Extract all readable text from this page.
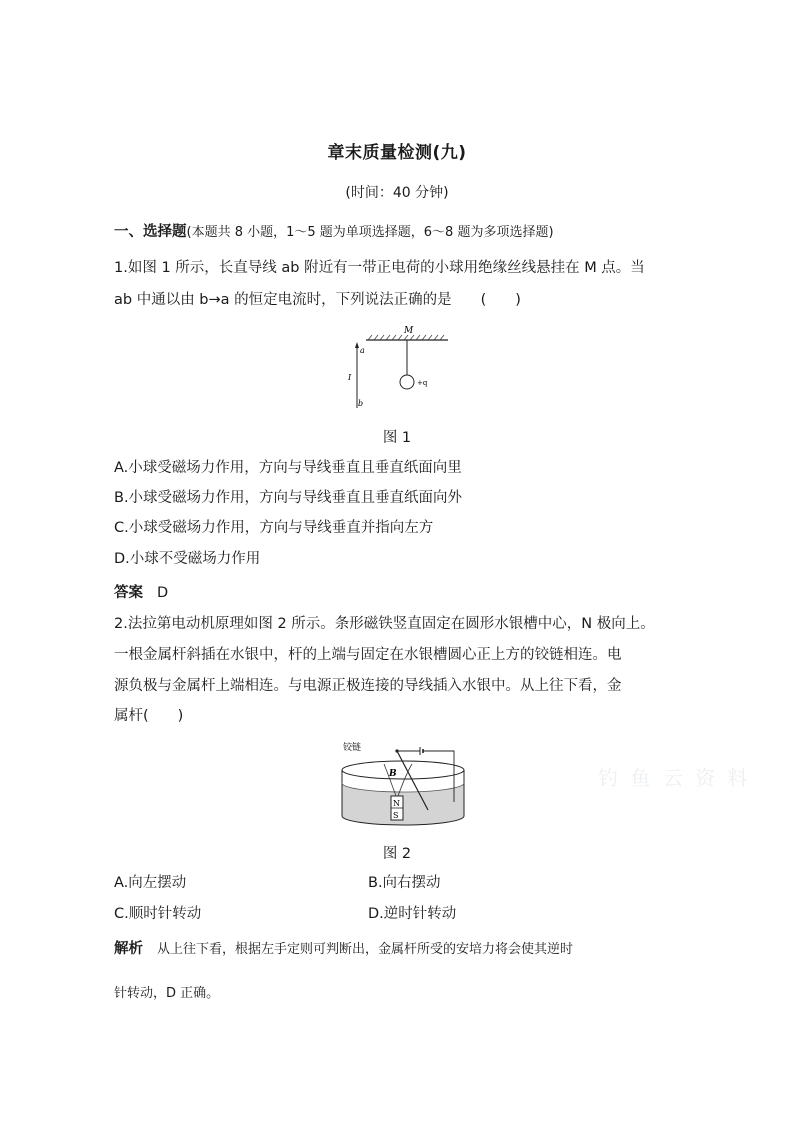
章末质量检测(九)
(时间：40 分钟)
一、选择题(本题共 8 小题，1～5 题为单项选择题，6～8 题为多项选择题)
1.如图 1 所示，长直导线 ab 附近有一带正电荷的小球用绝缘丝线悬挂在 M 点。当
ab 中通以由 b→a 的恒定电流时，下列说法正确的是　　(　　)
M
+q
a
I
b
图 1
A.小球受磁场力作用，方向与导线垂直且垂直纸面向里
B.小球受磁场力作用，方向与导线垂直且垂直纸面向外
C.小球受磁场力作用，方向与导线垂直并指向左方
D.小球不受磁场力作用
答案 D
2.法拉第电动机原理如图 2 所示。条形磁铁竖直固定在圆形水银槽中心，N 极向上。
一根金属杆斜插在水银中，杆的上端与固定在水银槽圆心正上方的铰链相连。电
源负极与金属杆上端相连。与电源正极连接的导线插入水银中。从上往下看，金
属杆(　　)
N
S
铰链
B
图 2
A.向左摆动	B.向右摆动
C.顺时针转动	D.逆时针转动
解析 从上往下看，根据左手定则可判断出，金属杆所受的安培力将会使其逆时
针转动，D 正确。
钓 鱼 云 资 料
